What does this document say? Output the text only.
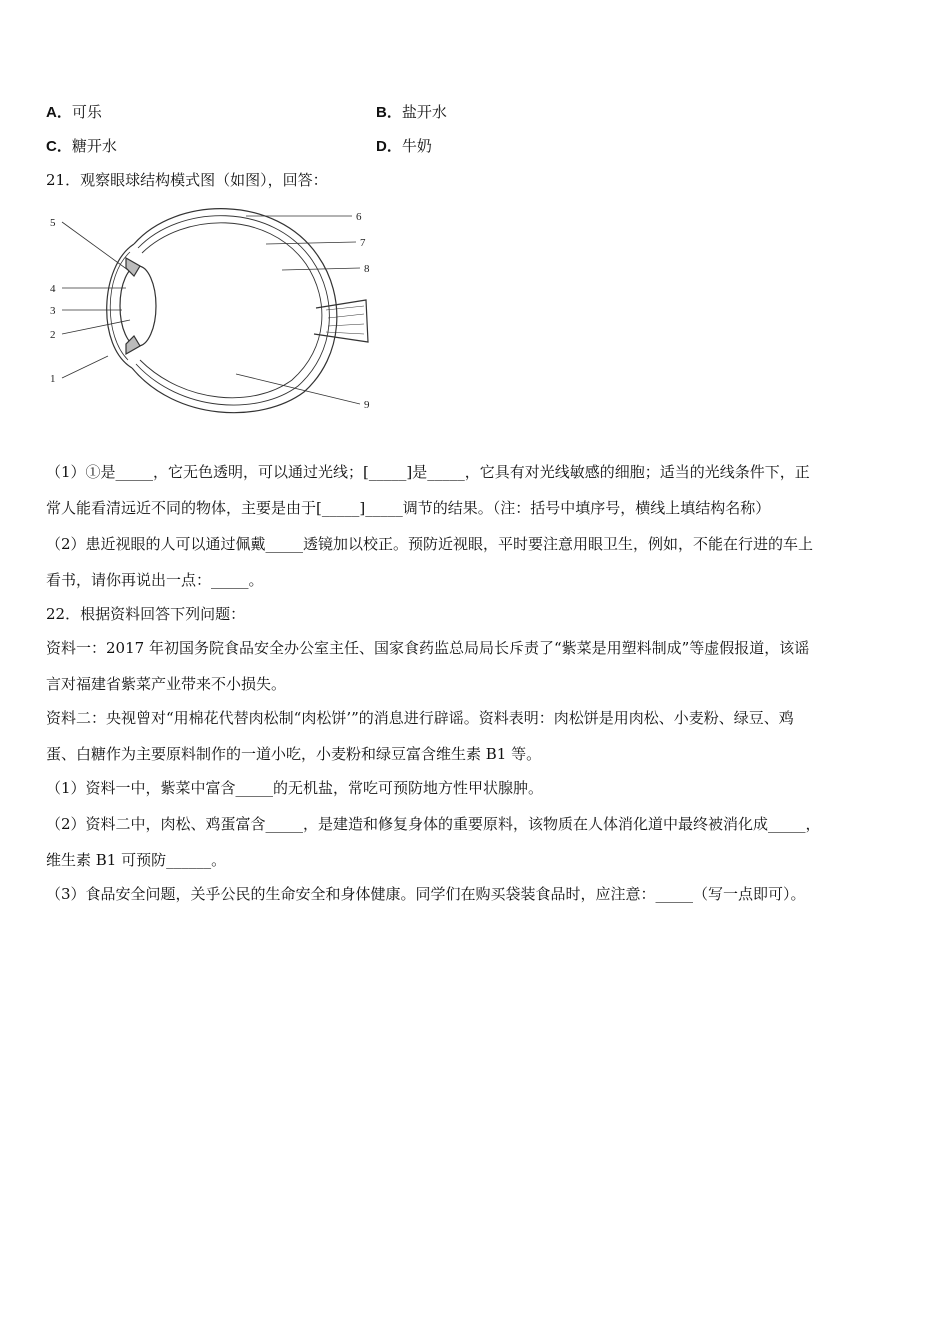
A．可乐	B．盐开水
C．糖开水	D．牛奶
21．观察眼球结构模式图（如图），回答：
5
4
3
2
1
6
7
8
9
（1）①是_____，它无色透明，可以通过光线；[_____]是_____，它具有对光线敏感的细胞；适当的光线条件下，正
常人能看清远近不同的物体，主要是由于[_____]_____调节的结果。（注：括号中填序号，横线上填结构名称）
（2）患近视眼的人可以通过佩戴_____透镜加以校正。预防近视眼，平时要注意用眼卫生，例如，不能在行进的车上
看书，请你再说出一点：_____。
22．根据资料回答下列问题：
资料一：2017 年初国务院食品安全办公室主任、国家食药监总局局长斥责了“紫菜是用塑料制成”等虚假报道，该谣
言对福建省紫菜产业带来不小损失。
资料二：央视曾对“用棉花代替肉松制“肉松饼’”的消息进行辟谣。资料表明：肉松饼是用肉松、小麦粉、绿豆、鸡
蛋、白糖作为主要原料制作的一道小吃，小麦粉和绿豆富含维生素 B1 等。
（1）资料一中，紫菜中富含_____的无机盐，常吃可预防地方性甲状腺肿。
（2）资料二中，肉松、鸡蛋富含_____，是建造和修复身体的重要原料，该物质在人体消化道中最终被消化成_____，
维生素 B1 可预防______。
（3）食品安全问题，关乎公民的生命安全和身体健康。同学们在购买袋装食品时，应注意：_____（写一点即可）。
